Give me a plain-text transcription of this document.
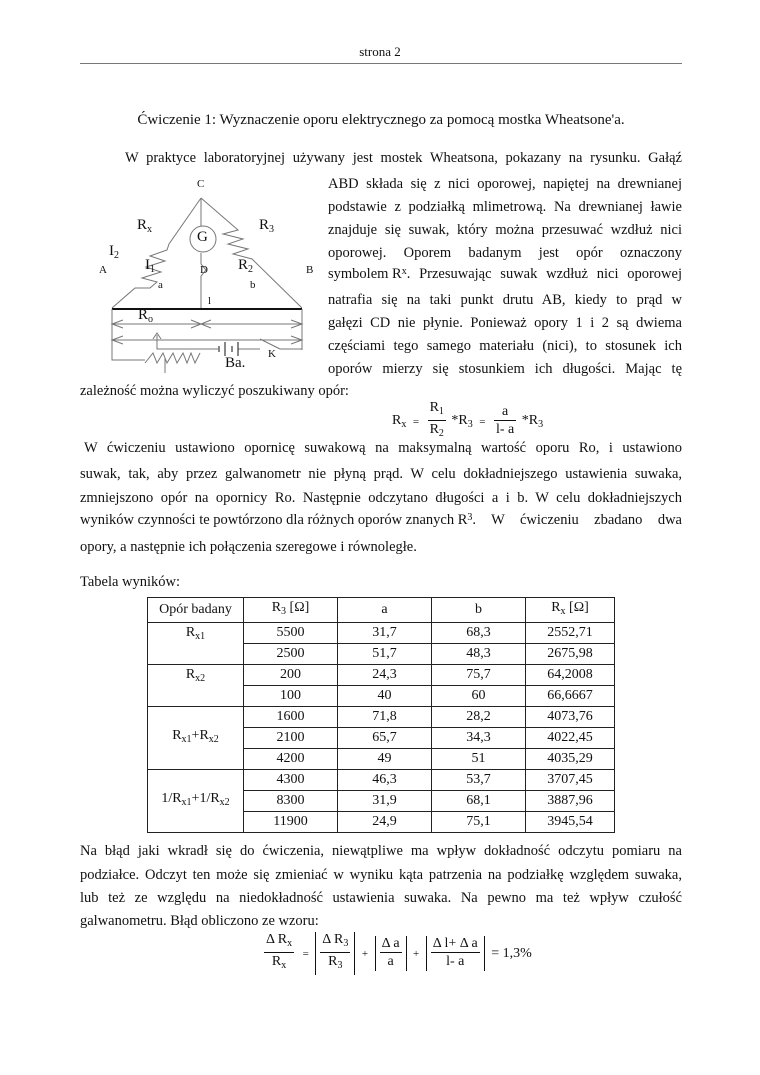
strona 2
Ćwiczenie 1: Wyznaczenie oporu elektrycznego za pomocą mostka Wheatsone'a.
W praktyce laboratoryjnej używany jest mostek Wheatsona, pokazany na rysunku. Gałąź
ABD składa się z nici oporowej, napiętej na drewnianej
podstawie z podziałką mlimetrową. Na drewnianej ławie
znajduje się suwak, który można przesuwać wzdłuż nici
oporowej. Oporem badanym jest opór oznaczony
symbolem R x . Przesuwając suwak wzdłuż nici oporowej
natrafia się na taki punkt drutu AB, kiedy to prąd w
gałęzi CD nie płynie. Ponieważ opory 1 i 2 są dwiema
częściami tego samego materiału (nici), to stosunek ich
oporów mierzy się stosunkiem ich długości. Mając tę
zależność można wyliczyć poszukiwany opór:
C
$R_x$	$R_3$
G
$I_2$
A	$I_1$	D $R_2$	B
a	b
l
$R_o$
K
Ba.
$R_x = \frac{R_1}{R_2} *R_3 = \frac{a}{l- a} *R_3$
W ćwiczeniu ustawiono opornicę suwakową na maksymalną wartość oporu Ro, i ustawiono
suwak, tak, aby przez galwanometr nie płyną prąd. W celu dokładniejszego ustawienia suwaka,
zmniejszono opór na opornicy Ro. Następnie odczytano długości a i b. W celu dokładniejszych
wyników czynności te powtórzono dla różnych oporów znanych R 3 . W ćwiczeniu zbadano dwa
opory, a następnie ich połączenia szeregowe i równoległe.
Tabela wyników:
Opór badany	$R_3$ [Ω]	a	b	$R_x$ [Ω]
$R_{x1}$	5500	31,7	68,3	2552,71
	2500	51,7	48,3	2675,98
$R_{x2}$	200	24,3	75,7	64,2008
	100	40	60	66,6667
$R_{x1}+R_{x2}$	1600	71,8	28,2	4073,76
	2100	65,7	34,3	4022,45
	4200	49	51	4035,29
$1/R_{x1}+1/R_{x2}$	4300	46,3	53,7	3707,45
	8300	31,9	68,1	3887,96
	11900	24,9	75,1	3945,54
Na błąd jaki wkradł się do ćwiczenia, niewątpliwe ma wpływ dokładność odczytu pomiaru na
podziałce. Odczyt ten może się zmieniać w wyniku kąta patrzenia na podziałkę względem suwaka,
lub też ze względu na niedokładność ustawienia suwaka. Na pewno ma też wpływ czułość
galwanometru. Błąd obliczono ze wzoru:
$\frac{\Delta R_x}{R_x} = \frac{\Delta R_3}{R_3} + \frac{\text{Δ a}}{a} + \frac{\text{Δ l+ Δ a}}{l- a} = 1,3\%$
